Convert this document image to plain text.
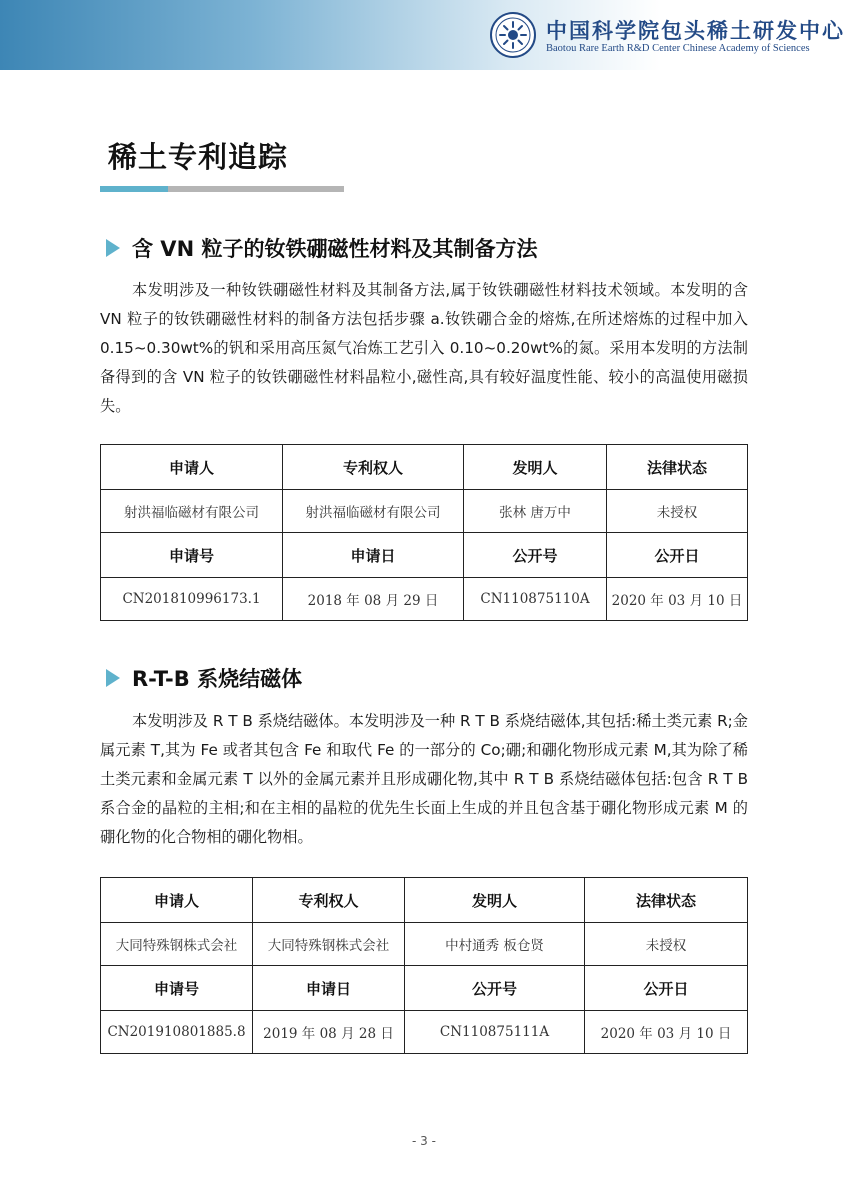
中国科学院包头稀土研发中心
Baotou Rare Earth R&D Center Chinese Academy of Sciences
稀土专利追踪
含 VN 粒子的钕铁硼磁性材料及其制备方法
本发明涉及一种钕铁硼磁性材料及其制备方法,属于钕铁硼磁性材料技术领域。本发明的含 VN 粒子的钕铁硼磁性材料的制备方法包括步骤 a.钕铁硼合金的熔炼,在所述熔炼的过程中加入 0.15~0.30wt%的钒和采用高压氮气冶炼工艺引入 0.10~0.20wt%的氮。采用本发明的方法制备得到的含 VN 粒子的钕铁硼磁性材料晶粒小,磁性高,具有较好温度性能、较小的高温使用磁损失。
申请人	专利权人	发明人	法律状态
射洪福临磁材有限公司	射洪福临磁材有限公司	张林 唐万中	未授权
申请号	申请日	公开号	公开日
CN201810996173.1	2018 年 08 月 29 日	CN110875110A	2020 年 03 月 10 日
R-T-B 系烧结磁体
本发明涉及 R T B 系烧结磁体。本发明涉及一种 R T B 系烧结磁体,其包括:稀土类元素 R;金属元素 T,其为 Fe 或者其包含 Fe 和取代 Fe 的一部分的 Co;硼;和硼化物形成元素 M,其为除了稀土类元素和金属元素 T 以外的金属元素并且形成硼化物,其中 R T B 系烧结磁体包括:包含 R T B 系合金的晶粒的主相;和在主相的晶粒的优先生长面上生成的并且包含基于硼化物形成元素 M 的硼化物的化合物相的硼化物相。
申请人	专利权人	发明人	法律状态
大同特殊钢株式会社	大同特殊钢株式会社	中村通秀 板仓贤	未授权
申请号	申请日	公开号	公开日
CN201910801885.8	2019 年 08 月 28 日	CN110875111A	2020 年 03 月 10 日
- 3 -
